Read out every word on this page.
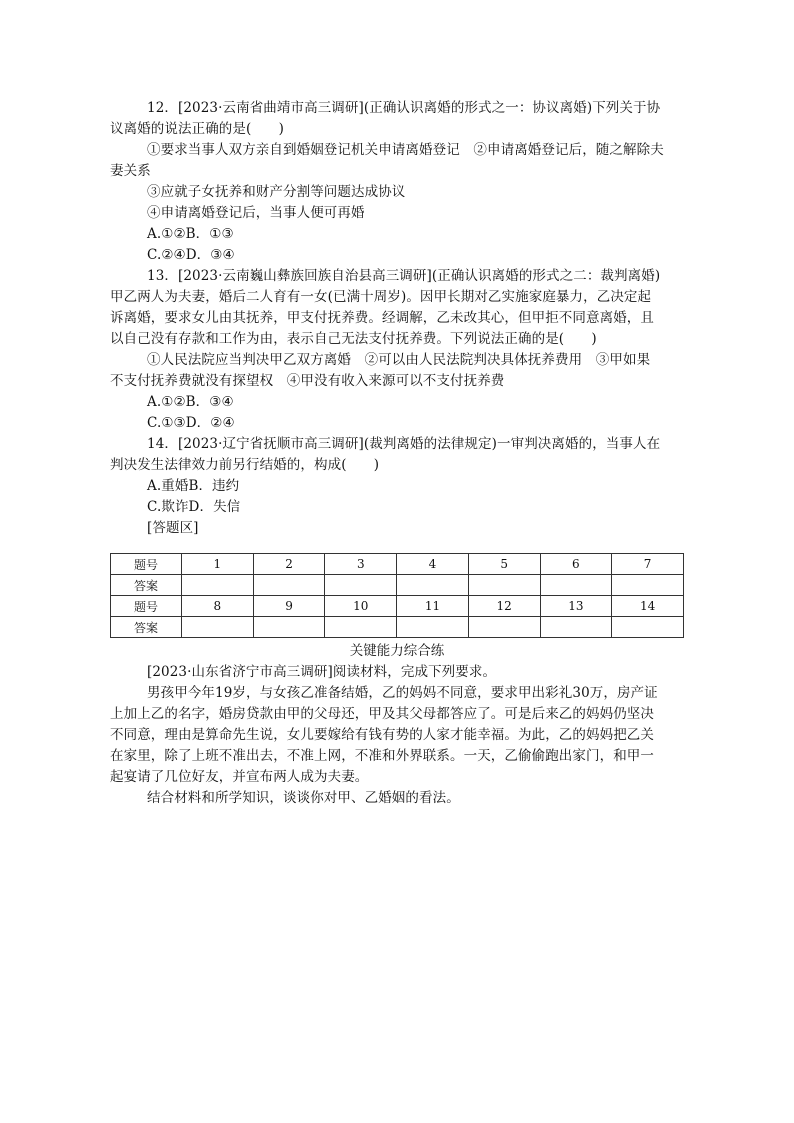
12．[2023·云南省曲靖市高三调研](正确认识离婚的形式之一：协议离婚)下列关于协
议离婚的说法正确的是(　　)
①要求当事人双方亲自到婚姻登记机关申请离婚登记　②申请离婚登记后，随之解除夫
妻关系
③应就子女抚养和财产分割等问题达成协议
④申请离婚登记后，当事人便可再婚
A.①②B．①③
C.②④D．③④
13．[2023·云南巍山彝族回族自治县高三调研](正确认识离婚的形式之二：裁判离婚)
甲乙两人为夫妻，婚后二人育有一女(已满十周岁)。因甲长期对乙实施家庭暴力，乙决定起
诉离婚，要求女儿由其抚养，甲支付抚养费。经调解，乙未改其心，但甲拒不同意离婚，且
以自己没有存款和工作为由，表示自己无法支付抚养费。下列说法正确的是(　　)
①人民法院应当判决甲乙双方离婚　②可以由人民法院判决具体抚养费用　③甲如果
不支付抚养费就没有探望权　④甲没有收入来源可以不支付抚养费
A.①②B．③④
C.①③D．②④
14．[2023·辽宁省抚顺市高三调研](裁判离婚的法律规定)一审判决离婚的，当事人在
判决发生法律效力前另行结婚的，构成(　　)
A.重婚B．违约
C.欺诈D．失信
[答题区]
题号	1	2	3	4	5	6	7
答案							
题号	8	9	10	11	12	13	14
答案							
关键能力综合练
[2023·山东省济宁市高三调研]阅读材料，完成下列要求。
男孩甲今年19岁，与女孩乙准备结婚，乙的妈妈不同意，要求甲出彩礼30万，房产证
上加上乙的名字，婚房贷款由甲的父母还，甲及其父母都答应了。可是后来乙的妈妈仍坚决
不同意，理由是算命先生说，女儿要嫁给有钱有势的人家才能幸福。为此，乙的妈妈把乙关
在家里，除了上班不准出去，不准上网，不准和外界联系。一天，乙偷偷跑出家门，和甲一
起宴请了几位好友，并宣布两人成为夫妻。
结合材料和所学知识，谈谈你对甲、乙婚姻的看法。
